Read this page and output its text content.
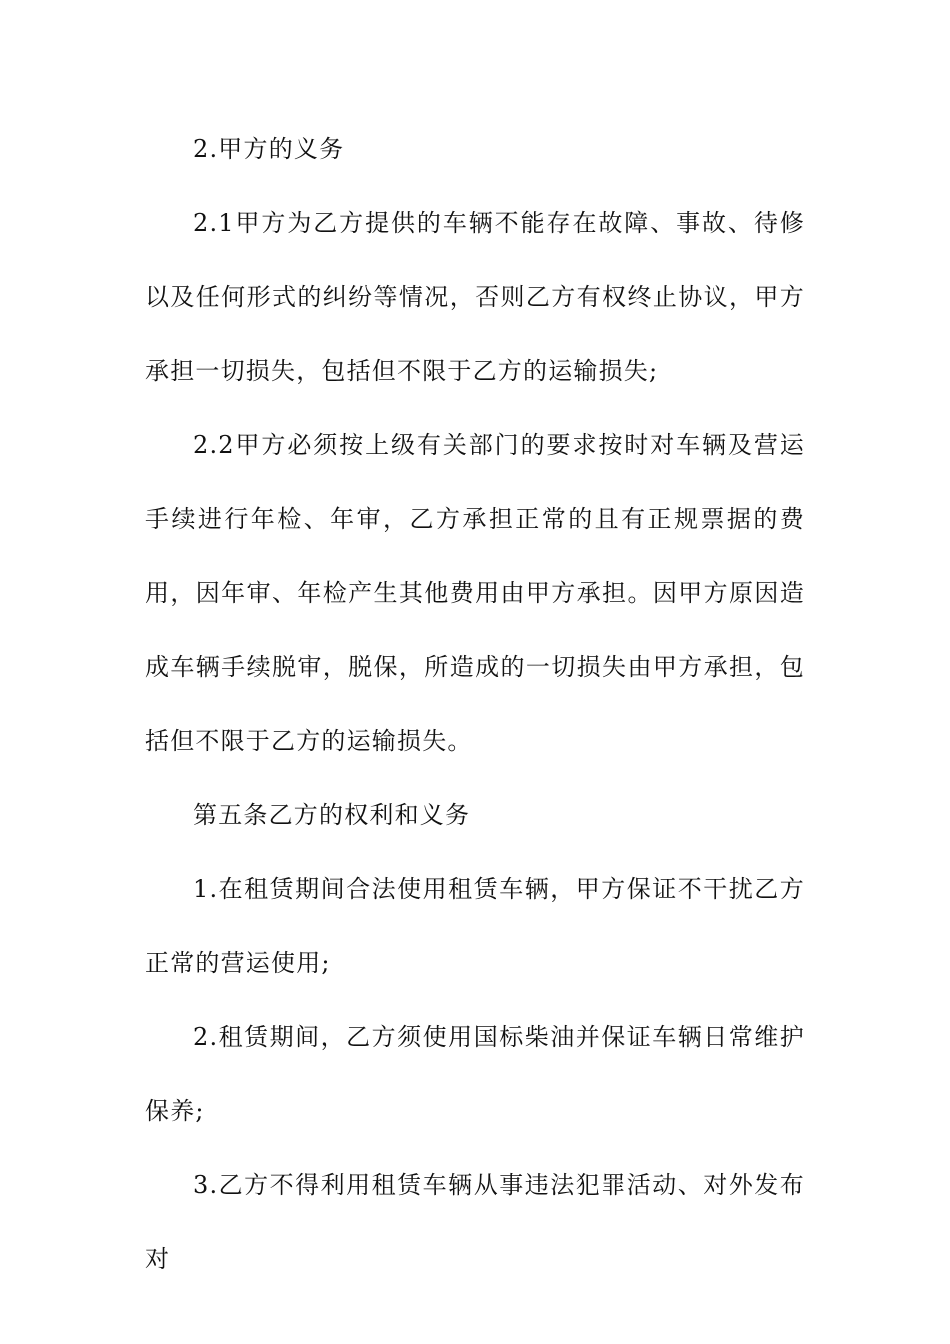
2.甲方的义务

2.1甲方为乙方提供的车辆不能存在故障、事故、待修以及任何形式的纠纷等情况，否则乙方有权终止协议，甲方承担一切损失，包括但不限于乙方的运输损失;

2.2甲方必须按上级有关部门的要求按时对车辆及营运手续进行年检、年审，乙方承担正常的且有正规票据的费用，因年审、年检产生其他费用由甲方承担。因甲方原因造成车辆手续脱审，脱保，所造成的一切损失由甲方承担，包括但不限于乙方的运输损失。

第五条乙方的权利和义务

1.在租赁期间合法使用租赁车辆，甲方保证不干扰乙方正常的营运使用;

2.租赁期间，乙方须使用国标柴油并保证车辆日常维护保养;

3.乙方不得利用租赁车辆从事违法犯罪活动、对外发布对
